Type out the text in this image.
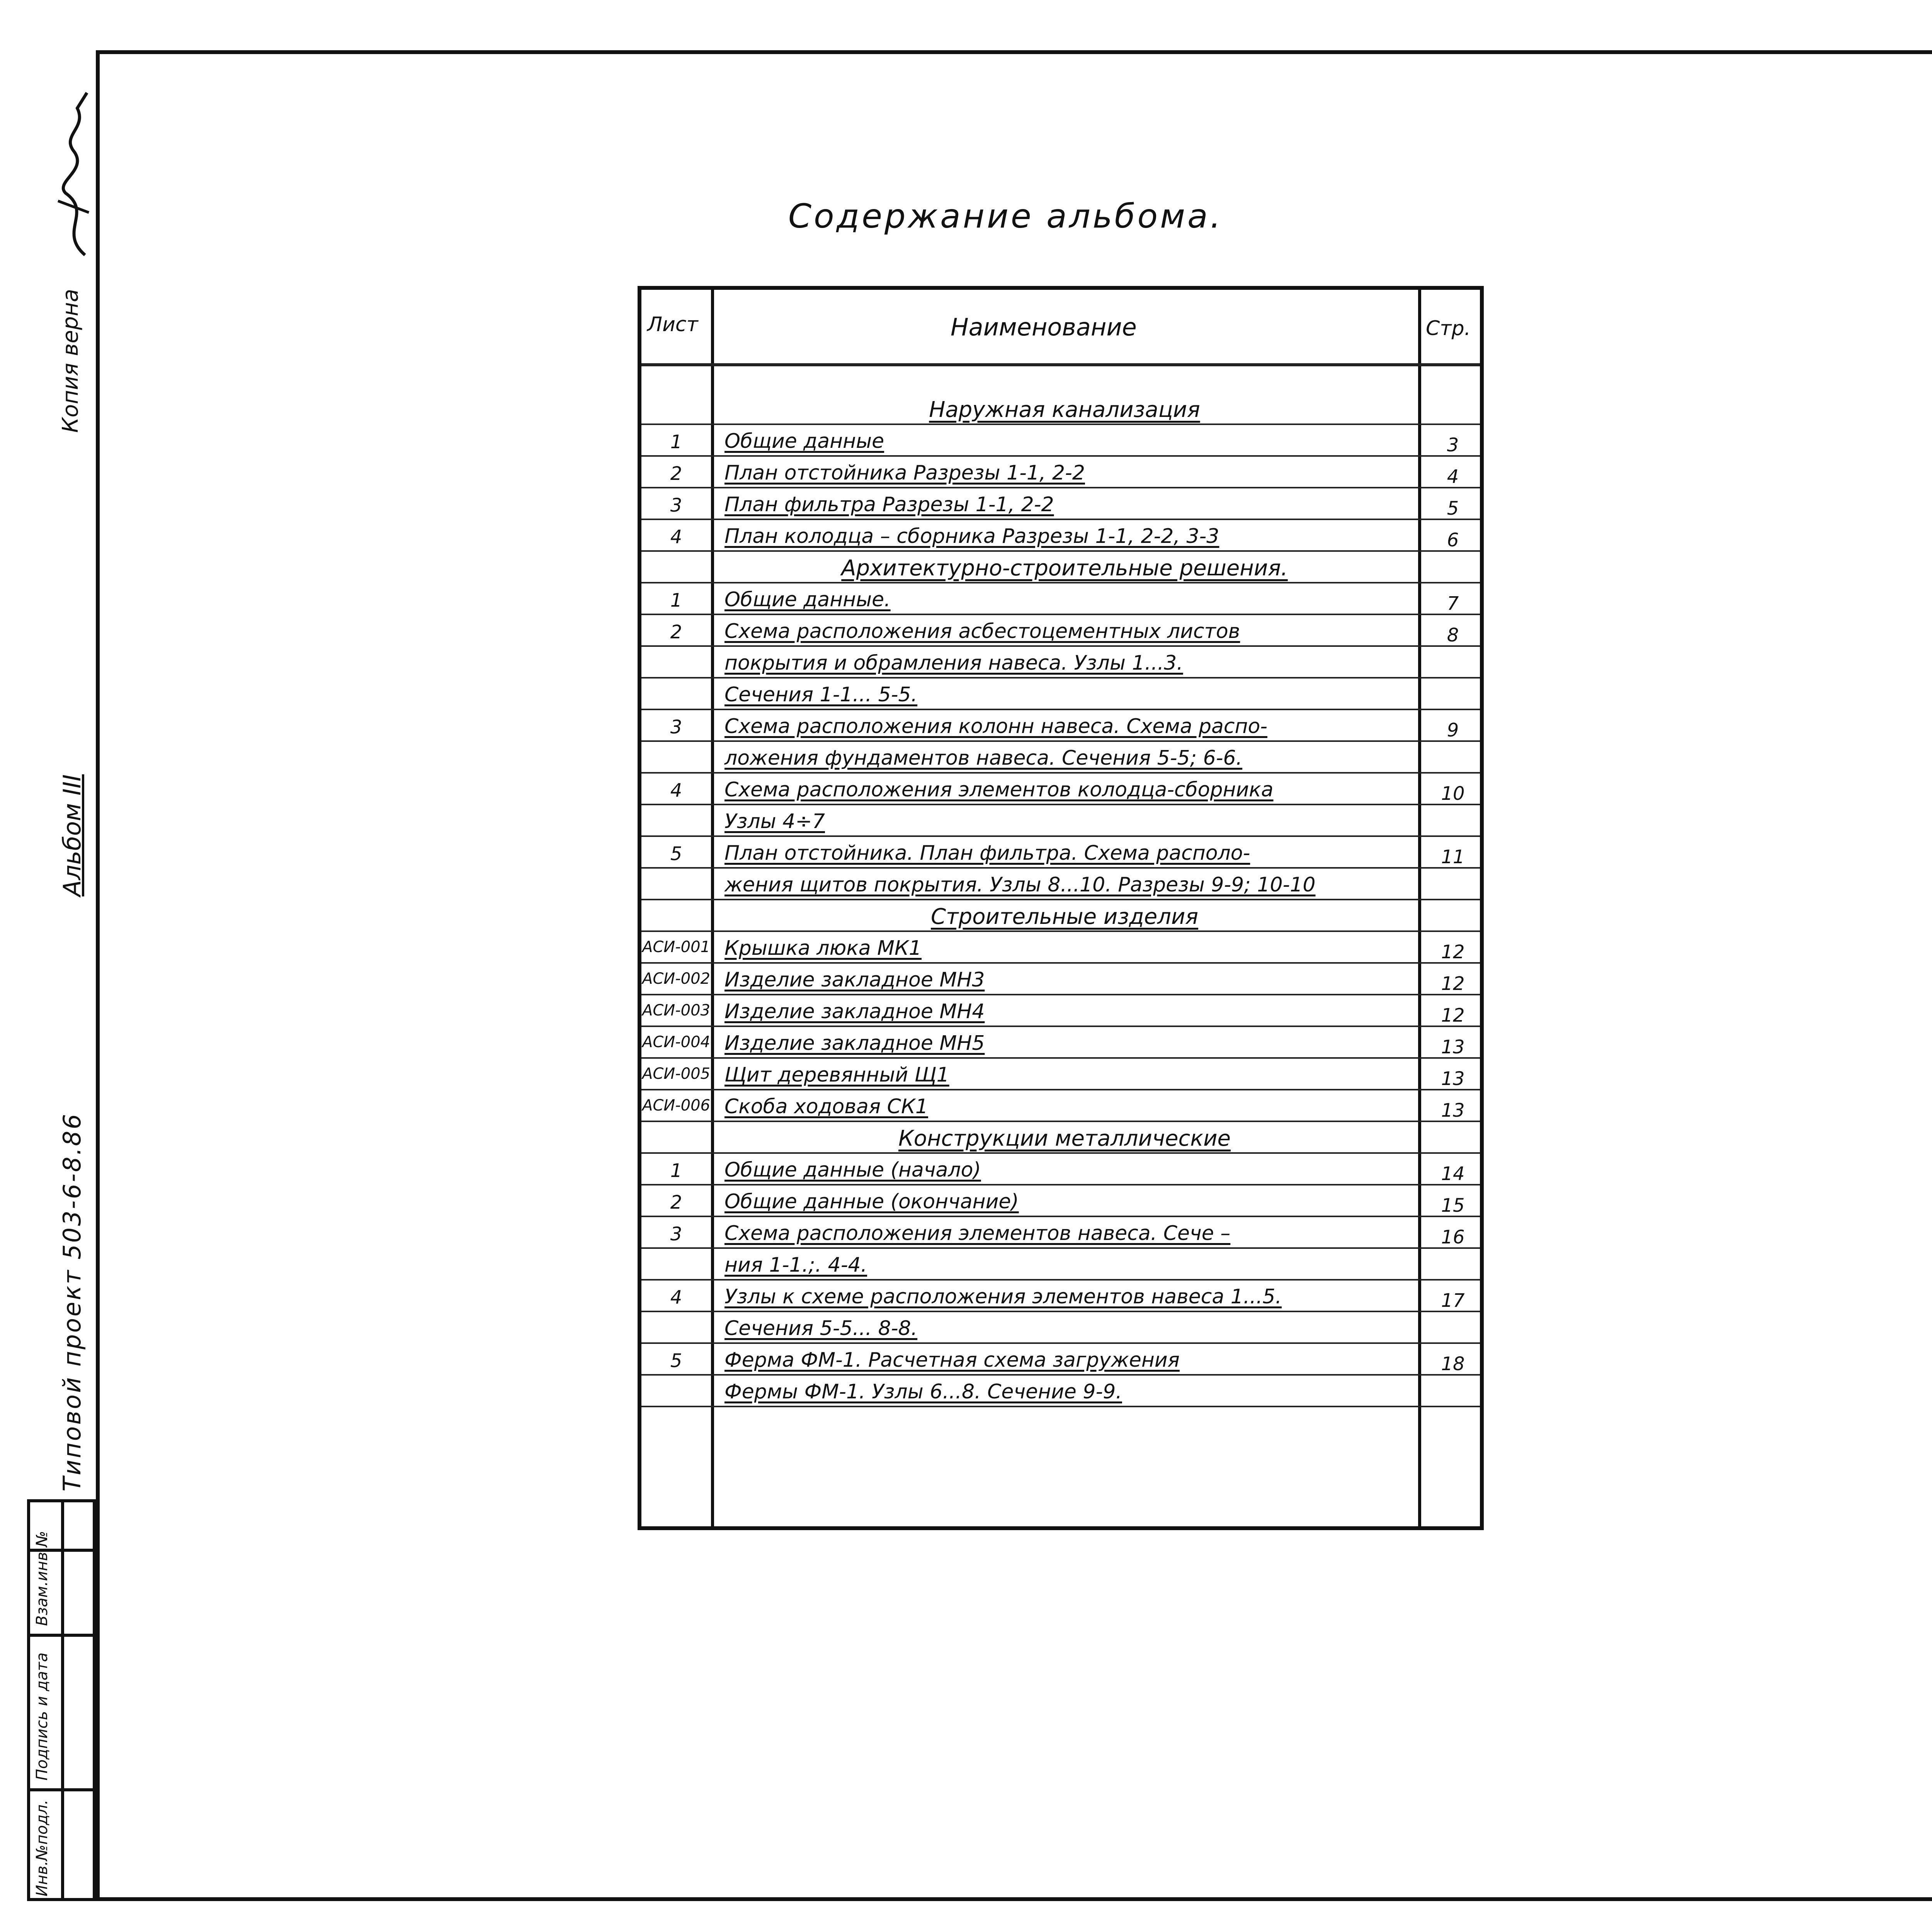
Копия верна
Альбом III
Типовой проект 503-6-8.86
Взам.инв.№
Подпись и дата
Инв.№подл.
Содержание альбома.
Лист	Наименование	Стр.
Наружная канализация
1	Общие данные	3
2	План отстойника Разрезы 1-1, 2-2	4
3	План фильтра Разрезы 1-1, 2-2	5
4	План колодца – сборника Разрезы 1-1, 2-2, 3-3	6
Архитектурно-строительные решения.
1	Общие данные.	7
2	Схема расположения асбестоцементных листов	8
покрытия и обрамления навеса. Узлы 1...3.
Сечения 1-1... 5-5.
3	Схема расположения колонн навеса. Схема распо-	9
ложения фундаментов навеса. Сечения 5-5; 6-6.
4	Схема расположения элементов колодца-сборника	10
Узлы 4÷7
5	План отстойника. План фильтра. Схема располо-	11
жения щитов покрытия. Узлы 8...10. Разрезы 9-9; 10-10
Строительные изделия
АСИ-001 Крышка люка МК1	12
АСИ-002 Изделие закладное МН3	12
АСИ-003 Изделие закладное МН4	12
АСИ-004 Изделие закладное МН5	13
АСИ-005 Щит деревянный Щ1	13
АСИ-006 Скоба ходовая СК1	13
Конструкции металлические
1	Общие данные (начало)	14
2	Общие данные (окончание)	15
3	Схема расположения элементов навеса. Сече –	16
ния 1-1.;. 4-4.
4	Узлы к схеме расположения элементов навеса 1...5.	17
Сечения 5-5... 8-8.
5	Ферма ФМ-1. Расчетная схема загружения	18
Фермы ФМ-1. Узлы 6...8. Сечение 9-9.
